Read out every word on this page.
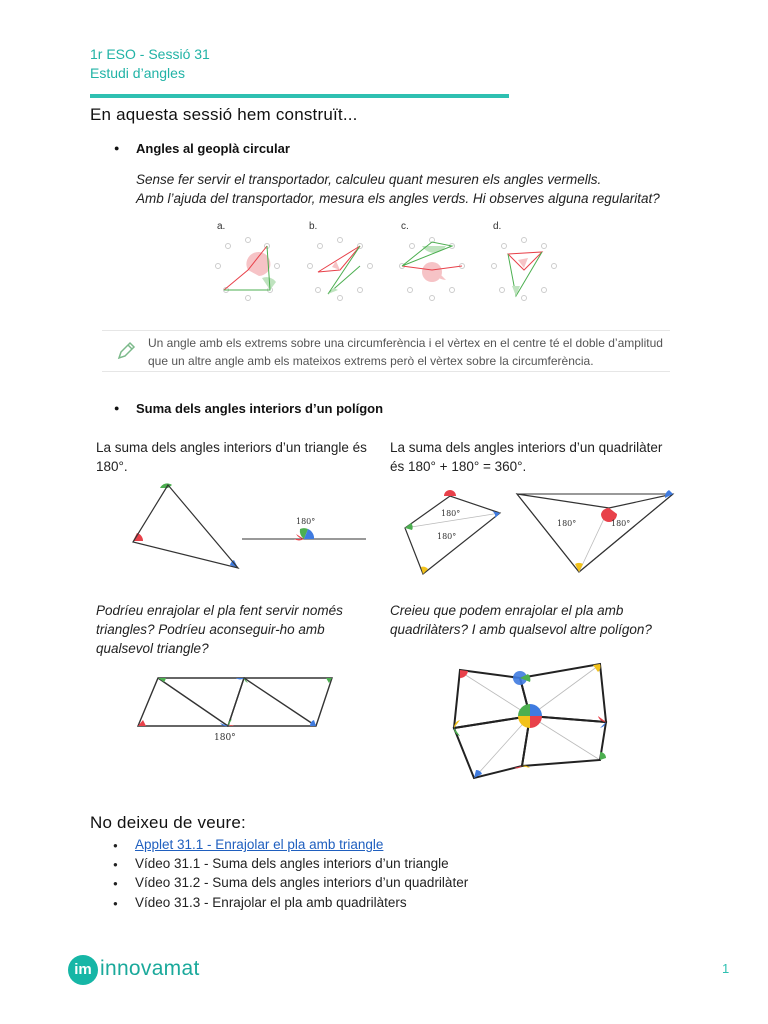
1r ESO - Sessió 31
Estudi d’angles
En aquesta sessió hem construït...
● Angles al geoplà circular
Sense fer servir el transportador, calculeu quant mesuren els angles vermells.
Amb l’ajuda del transportador, mesura els angles verds. Hi observes alguna regularitat?
a.	b.	c.	d.
Un angle amb els extrems sobre una circumferència i el vèrtex en el centre té el doble d’amplitud
que un altre angle amb els mateixos extrems però el vèrtex sobre la circumferència.
● Suma dels angles interiors d’un polígon
La suma dels angles interiors d’un triangle és
180°.
La suma dels angles interiors d’un quadrilàter
és 180° + 180° = 360°.
180°
180°
180°
180°	180°
Podríeu enrajolar el pla fent servir només
triangles? Podríeu aconseguir-ho amb
qualsevol triangle?
Creieu que podem enrajolar el pla amb
quadrilàters? I amb qualsevol altre polígon?
180°
No deixeu de veure:
● Applet 31.1 - Enrajolar el pla amb triangle
● Vídeo 31.1 - Suma dels angles interiors d’un triangle
● Vídeo 31.2 - Suma dels angles interiors d’un quadrilàter
● Vídeo 31.3 - Enrajolar el pla amb quadrilàters
im innovamat	1
